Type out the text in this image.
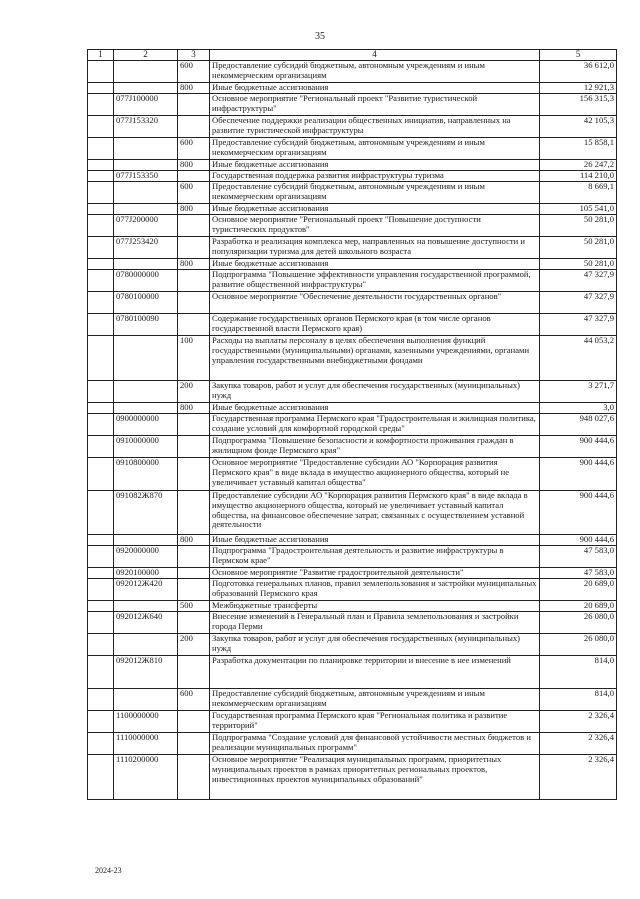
35
1	2	3	4	5
		600	Предоставление субсидий бюджетным, автономным учреждениям и иным некоммерческим организациям	36 612,0
		800	Иные бюджетные ассигнования	12 921,3
	077J100000		Основное мероприятие "Региональный проект "Развитие туристической инфраструктуры"	156 315,3
	077J153320		Обеспечение поддержки реализации общественных инициатив, направленных на развитие туристической инфраструктуры	42 105,3
		600	Предоставление субсидий бюджетным, автономным учреждениям и иным некоммерческим организациям	15 858,1
		800	Иные бюджетные ассигнования	26 247,2
	077J153350		Государственная поддержка развития инфраструктуры туризма	114 210,0
		600	Предоставление субсидий бюджетным, автономным учреждениям и иным некоммерческим организациям	8 669,1
		800	Иные бюджетные ассигнования	105 541,0
	077J200000		Основное мероприятие "Региональный проект "Повышение доступности туристических продуктов"	50 281,0
	077J253420		Разработка и реализация комплекса мер, направленных на повышение доступности и популяризации туризма для детей школьного возраста	50 281,0
		800	Иные бюджетные ассигнования	50 281,0
	0780000000		Подпрограмма "Повышение эффективности управления государственной программой, развитие общественной инфраструктуры"	47 327,9
	0780100000		Основное мероприятие "Обеспечение деятельности государственных органов"	47 327,9
	0780100090		Содержание государственных органов Пермского края (в том числе органов государственной власти Пермского края)	47 327,9
		100	Расходы на выплаты персоналу в целях обеспечения выполнения функций государственными (муниципальными) органами, казенными учреждениями, органами управления государственными внебюджетными фондами	44 053,2
		200	Закупка товаров, работ и услуг для обеспечения государственных (муниципальных) нужд	3 271,7
		800	Иные бюджетные ассигнования	3,0
	0900000000		Государственная программа Пермского края "Градостроительная и жилищная политика, создание условий для комфортной городской среды"	948 027,6
	0910000000		Подпрограмма "Повышение безопасности и комфортности проживания граждан в жилищном фонде Пермского края"	900 444,6
	0910800000		Основное мероприятие "Предоставление субсидии АО "Корпорация развития Пермского края" в виде вклада в имущество акционерного общества, который не увеличивает уставный капитал общества"	900 444,6
	091082Ж870		Предоставление субсидии АО "Корпорация развития Пермского края" в виде вклада в имущество акционерного общества, который не увеличивает уставный капитал общества, на финансовое обеспечение затрат, связанных с осуществлением уставной деятельности	900 444,6
		800	Иные бюджетные ассигнования	900 444,6
	0920000000		Подпрограмма "Градостроительная деятельность и развитие инфраструктуры в Пермском крае"	47 583,0
	0920100000		Основное мероприятие "Развитие градостроительной деятельности"	47 583,0
	092012Ж420		Подготовка генеральных планов, правил землепользования и застройки муниципальных образований Пермского края	20 689,0
		500	Межбюджетные трансферты	20 689,0
	092012Ж640		Внесение изменений в Генеральный план и Правила землепользования и застройки города Перми	26 080,0
		200	Закупка товаров, работ и услуг для обеспечения государственных (муниципальных) нужд	26 080,0
	092012Ж810		Разработка документации по планировке территории и внесение в нее изменений	814,0
		600	Предоставление субсидий бюджетным, автономным учреждениям и иным некоммерческим организациям	814,0
	1100000000		Государственная программа Пермского края "Региональная политика и развитие территорий"	2 326,4
	1110000000		Подпрограмма "Создание условий для финансовой устойчивости местных бюджетов и реализации муниципальных программ"	2 326,4
	1110200000		Основное мероприятие "Реализация муниципальных программ, приоритетных муниципальных проектов в рамках приоритетных региональных проектов, инвестиционных проектов муниципальных образований"	2 326,4
2024-23
